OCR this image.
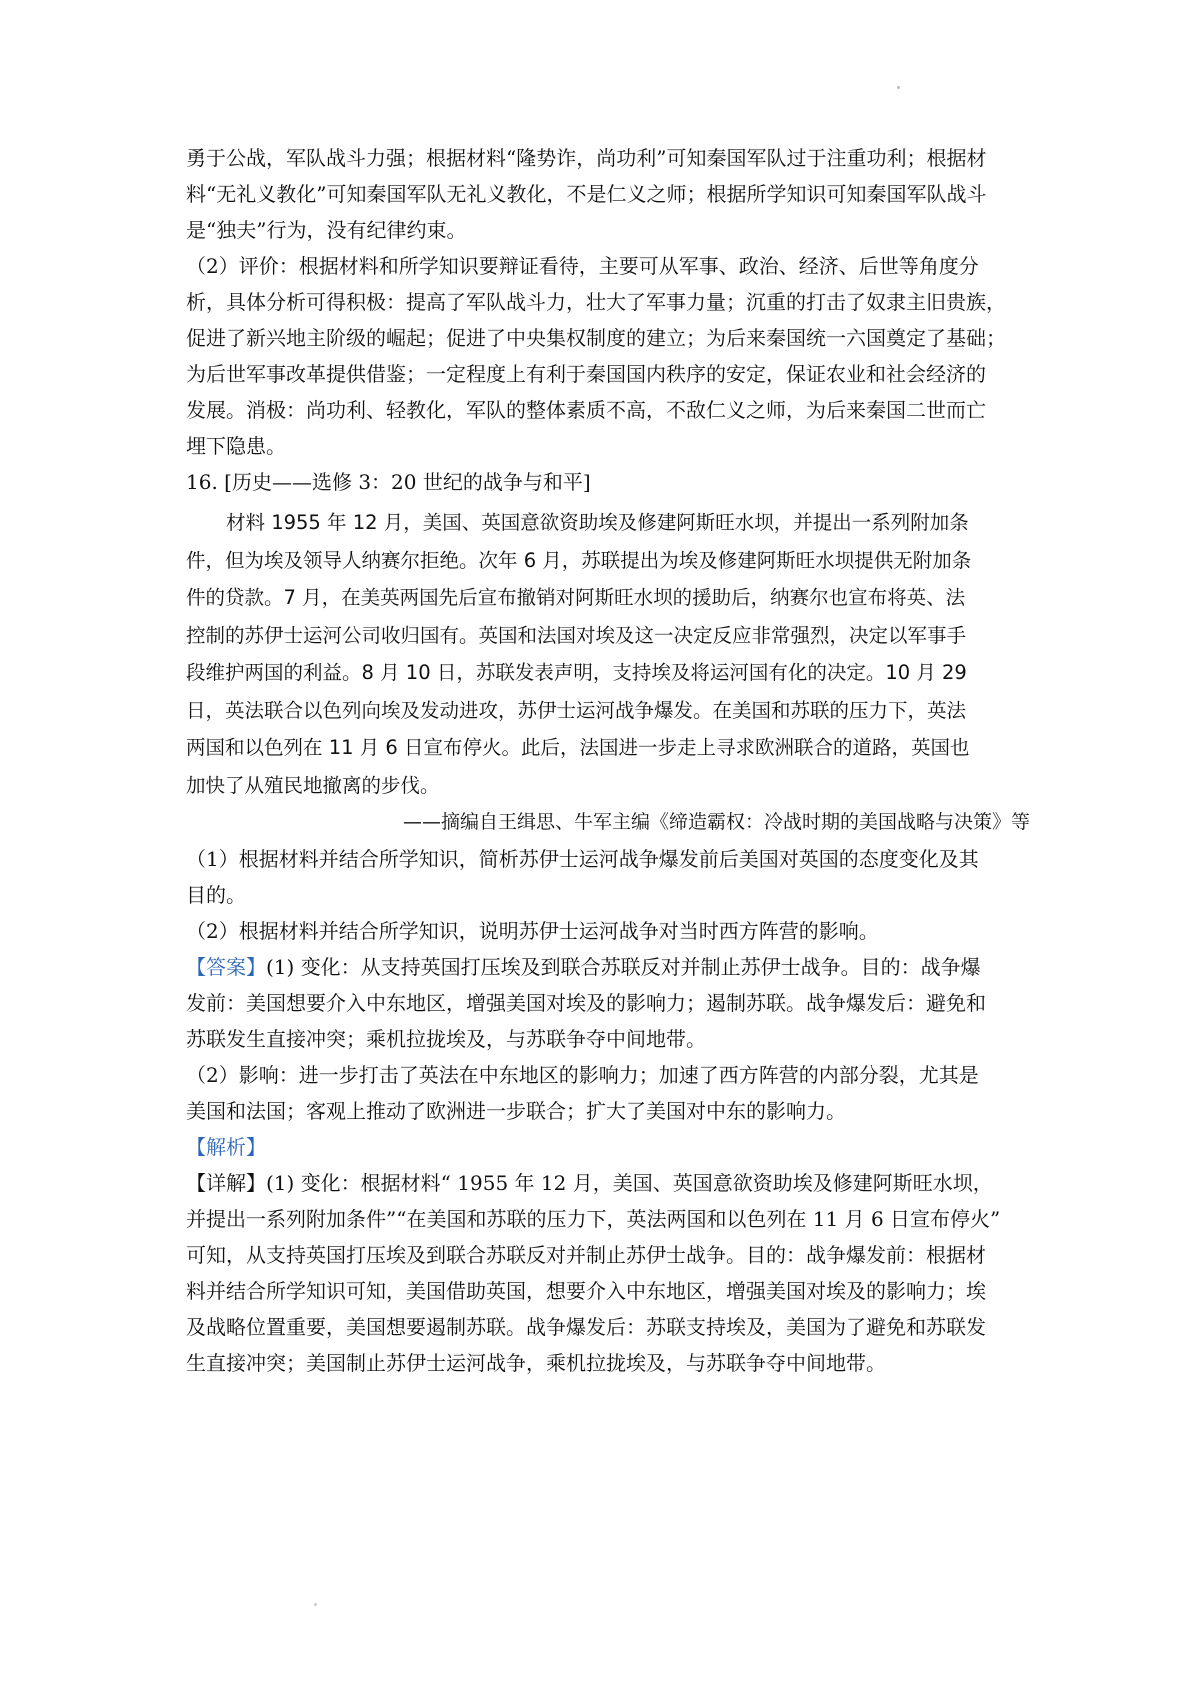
勇于公战，军队战斗力强；根据材料“隆势诈，尚功利”可知秦国军队过于注重功利；根据材
料“无礼义教化”可知秦国军队无礼义教化，不是仁义之师；根据所学知识可知秦国军队战斗
是“独夫”行为，没有纪律约束。
（2）评价：根据材料和所学知识要辩证看待，主要可从军事、政治、经济、后世等角度分
析，具体分析可得积极：提高了军队战斗力，壮大了军事力量；沉重的打击了奴隶主旧贵族，
促进了新兴地主阶级的崛起；促进了中央集权制度的建立；为后来秦国统一六国奠定了基础；
为后世军事改革提供借鉴；一定程度上有利于秦国国内秩序的安定，保证农业和社会经济的
发展。消极：尚功利、轻教化，军队的整体素质不高，不敌仁义之师，为后来秦国二世而亡
埋下隐患。
16. [历史——选修 3：20 世纪的战争与和平]
材料 1955 年 12 月，美国、英国意欲资助埃及修建阿斯旺水坝，并提出一系列附加条
件，但为埃及领导人纳赛尔拒绝。次年 6 月，苏联提出为埃及修建阿斯旺水坝提供无附加条
件的贷款。7 月，在美英两国先后宣布撤销对阿斯旺水坝的援助后，纳赛尔也宣布将英、法
控制的苏伊士运河公司收归国有。英国和法国对埃及这一决定反应非常强烈，决定以军事手
段维护两国的利益。8 月 10 日，苏联发表声明，支持埃及将运河国有化的决定。10 月 29
日，英法联合以色列向埃及发动进攻，苏伊士运河战争爆发。在美国和苏联的压力下，英法
两国和以色列在 11 月 6 日宣布停火。此后，法国进一步走上寻求欧洲联合的道路，英国也
加快了从殖民地撤离的步伐。
——摘编自王缉思、牛军主编《缔造霸权：冷战时期的美国战略与决策》等
（1）根据材料并结合所学知识，简析苏伊士运河战争爆发前后美国对英国的态度变化及其
目的。
（2）根据材料并结合所学知识，说明苏伊士运河战争对当时西方阵营的影响。
【答案】(1) 变化：从支持英国打压埃及到联合苏联反对并制止苏伊士战争。目的：战争爆
发前：美国想要介入中东地区，增强美国对埃及的影响力；遏制苏联。战争爆发后：避免和
苏联发生直接冲突；乘机拉拢埃及，与苏联争夺中间地带。
（2）影响：进一步打击了英法在中东地区的影响力；加速了西方阵营的内部分裂，尤其是
美国和法国；客观上推动了欧洲进一步联合；扩大了美国对中东的影响力。
【解析】
【详解】(1) 变化：根据材料“ 1955 年 12 月，美国、英国意欲资助埃及修建阿斯旺水坝，
并提出一系列附加条件”“在美国和苏联的压力下，英法两国和以色列在 11 月 6 日宣布停火”
可知，从支持英国打压埃及到联合苏联反对并制止苏伊士战争。目的：战争爆发前：根据材
料并结合所学知识可知，美国借助英国，想要介入中东地区，增强美国对埃及的影响力；埃
及战略位置重要，美国想要遏制苏联。战争爆发后：苏联支持埃及，美国为了避免和苏联发
生直接冲突；美国制止苏伊士运河战争，乘机拉拢埃及，与苏联争夺中间地带。
